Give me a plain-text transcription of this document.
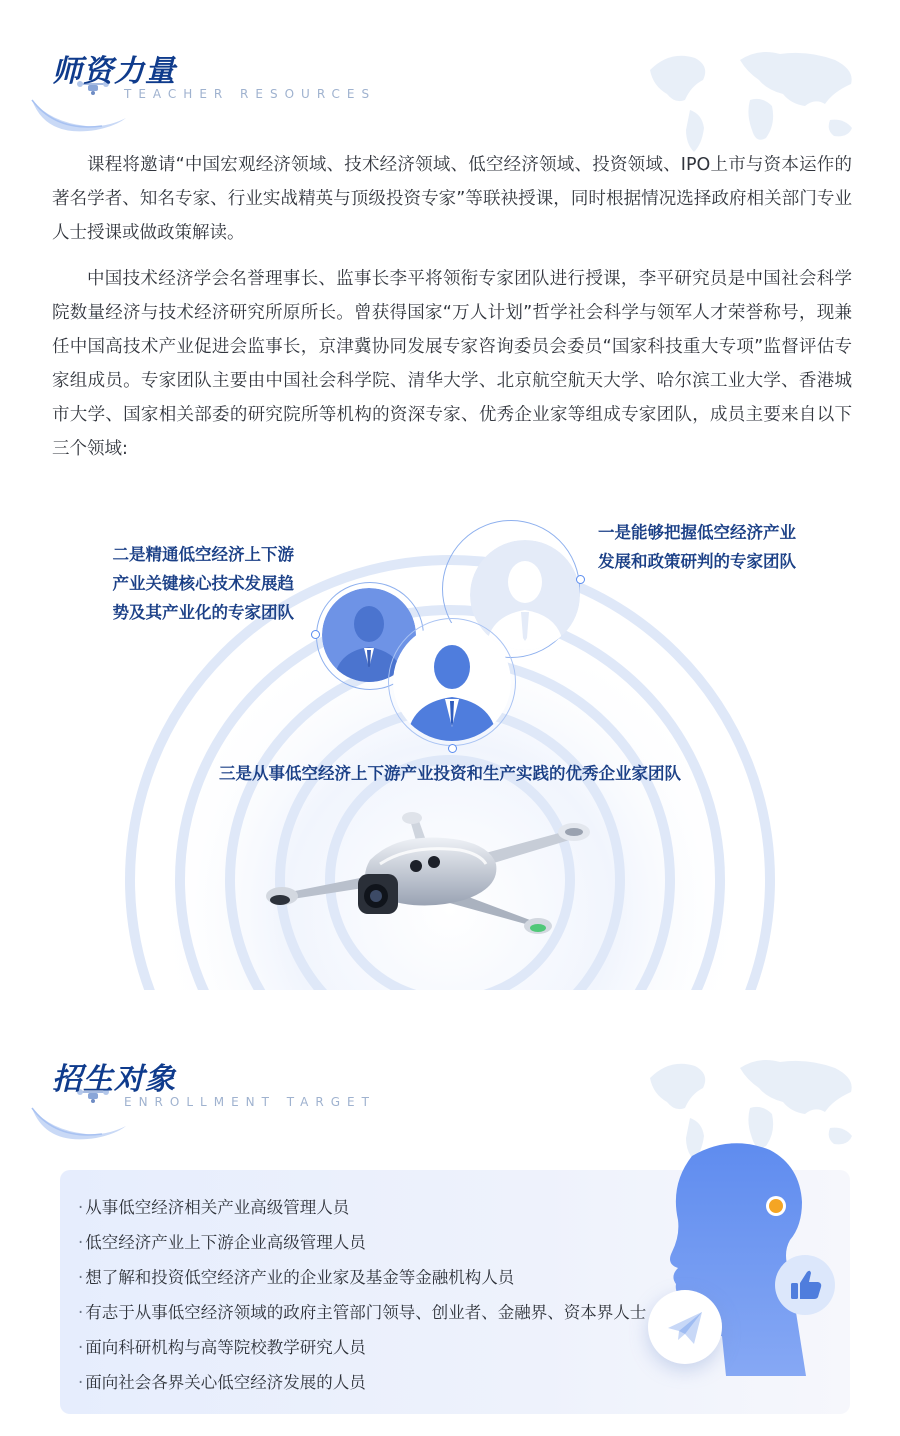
师资力量
TEACHER RESOURCES

课程将邀请“中国宏观经济领域、技术经济领域、低空经济领域、投资领域、IPO上市与资本运作的著名学者、知名专家、行业实战精英与顶级投资专家”等联袂授课，同时根据情况选择政府相关部门专业人士授课或做政策解读。

中国技术经济学会名誉理事长、监事长李平将领衔专家团队进行授课，李平研究员是中国社会科学院数量经济与技术经济研究所原所长。曾获得国家“万人计划”哲学社会科学与领军人才荣誉称号，现兼任中国高技术产业促进会监事长，京津冀协同发展专家咨询委员会委员“国家科技重大专项”监督评估专家组成员。专家团队主要由中国社会科学院、清华大学、北京航空航天大学、哈尔滨工业大学、香港城市大学、国家相关部委的研究院所等机构的资深专家、优秀企业家等组成专家团队，成员主要来自以下三个领域:

一是能够把握低空经济产业
发展和政策研判的专家团队
二是精通低空经济上下游
产业关键核心技术发展趋
势及其产业化的专家团队
三是从事低空经济上下游产业投资和生产实践的优秀企业家团队
招生对象
ENROLLMENT TARGET
· 从事低空经济相关产业高级管理人员
· 低空经济产业上下游企业高级管理人员
· 想了解和投资低空经济产业的企业家及基金等金融机构人员
· 有志于从事低空经济领域的政府主管部门领导、创业者、金融界、资本界人士
· 面向科研机构与高等院校教学研究人员
· 面向社会各界关心低空经济发展的人员
